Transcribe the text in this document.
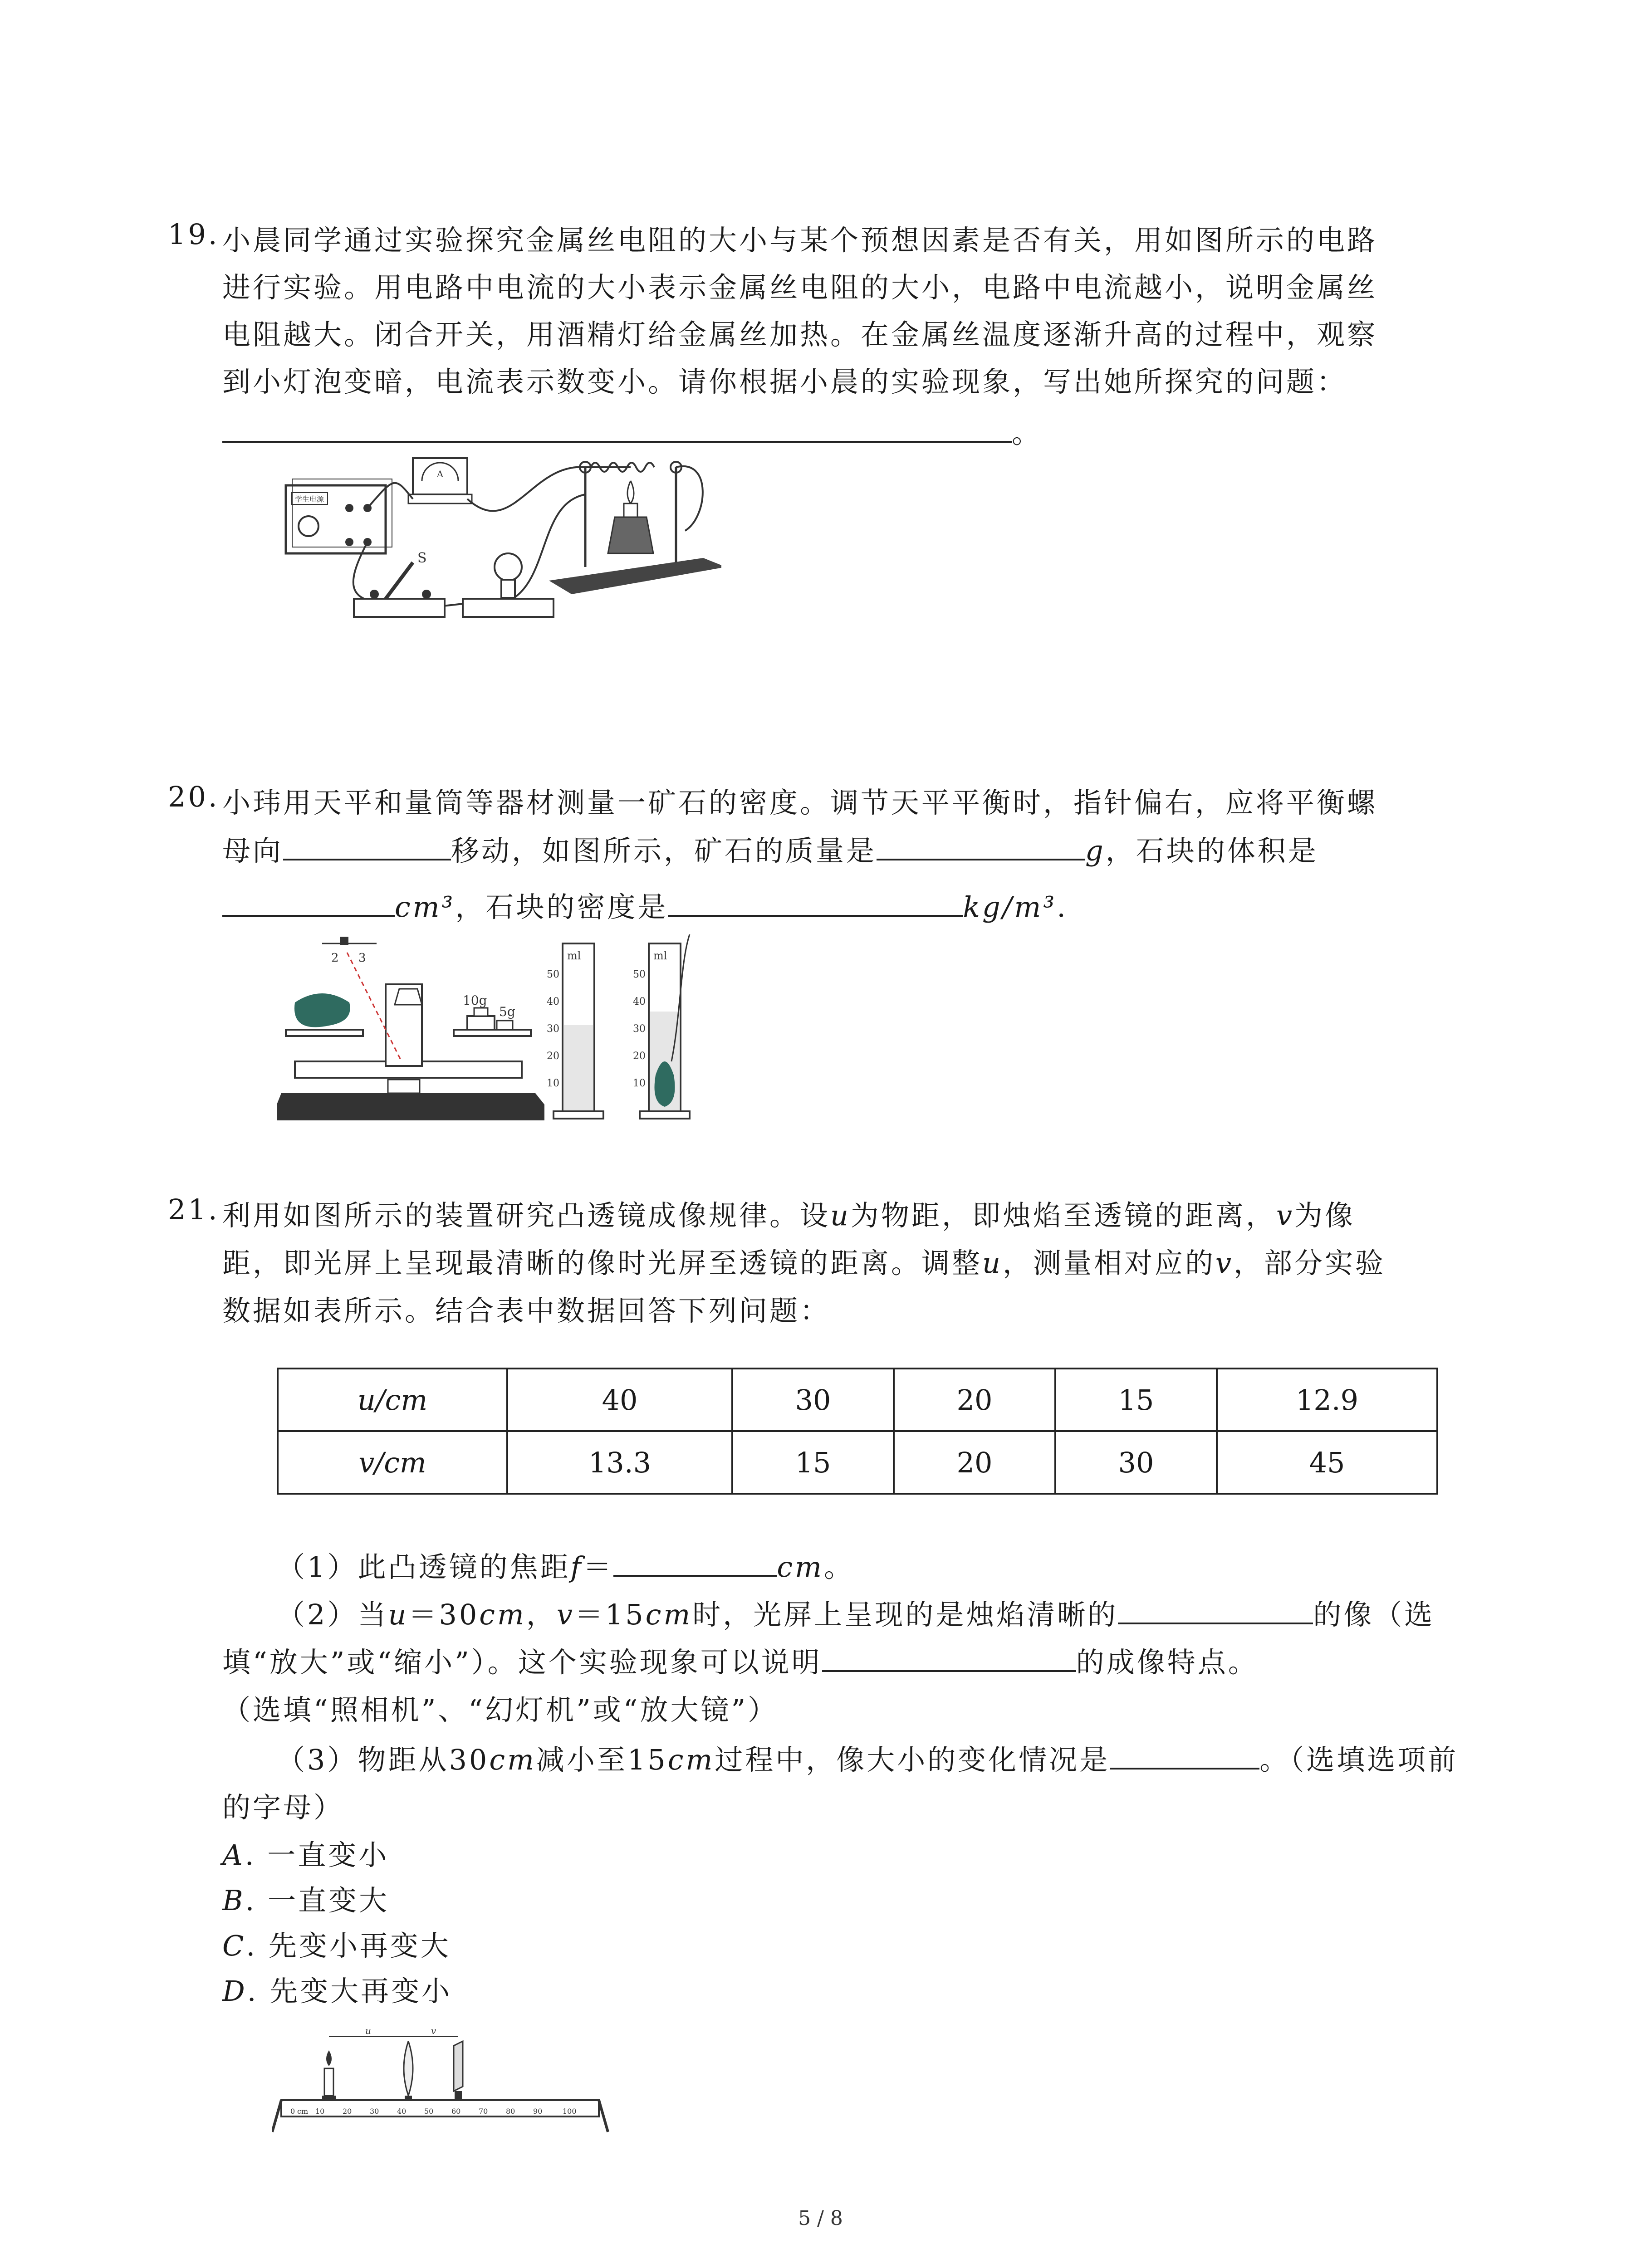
19. 小晨同学通过实验探究金属丝电阻的大小与某个预想因素是否有关，用如图所示的电路
进行实验。用电路中电流的大小表示金属丝电阻的大小，电路中电流越小，说明金属丝
电阻越大。闭合开关，用酒精灯给金属丝加热。在金属丝温度逐渐升高的过程中，观察
到小灯泡变暗，电流表示数变小。请你根据小晨的实验现象，写出她所探究的问题：
。
学生电源
A
S
20. 小玮用天平和量筒等器材测量一矿石的密度。调节天平平衡时，指针偏右，应将平衡螺
母向	移动，如图所示，矿石的质量是	g，石块的体积是
cm³，石块的密度是	kg/m³.
10g
5g
2 3	ml
50
40
30
20
10
ml
50
40
30
20
10
21. 利用如图所示的装置研究凸透镜成像规律。设u为物距，即烛焰至透镜的距离，v为像
距，即光屏上呈现最清晰的像时光屏至透镜的距离。调整u，测量相对应的v，部分实验
数据如表所示。结合表中数据回答下列问题：
u/cm	40	30	20	15	12.9
v/cm	13.3	15	20	30	45
（1）此凸透镜的焦距f＝	cm。
（2）当u＝30cm，v＝15cm时，光屏上呈现的是烛焰清晰的	的像（选
填“放大”或“缩小”）。这个实验现象可以说明	的成像特点。
（选填“照相机”、“幻灯机”或“放大镜”）
（3）物距从30cm减小至15cm过程中，像大小的变化情况是	。（选填选项前
的字母）
A. 一直变小
B. 一直变大
C. 先变小再变大
D. 先变大再变小
0 cm 10 20 30 40 50 60 70 80 90	100
u	v
5 / 8
